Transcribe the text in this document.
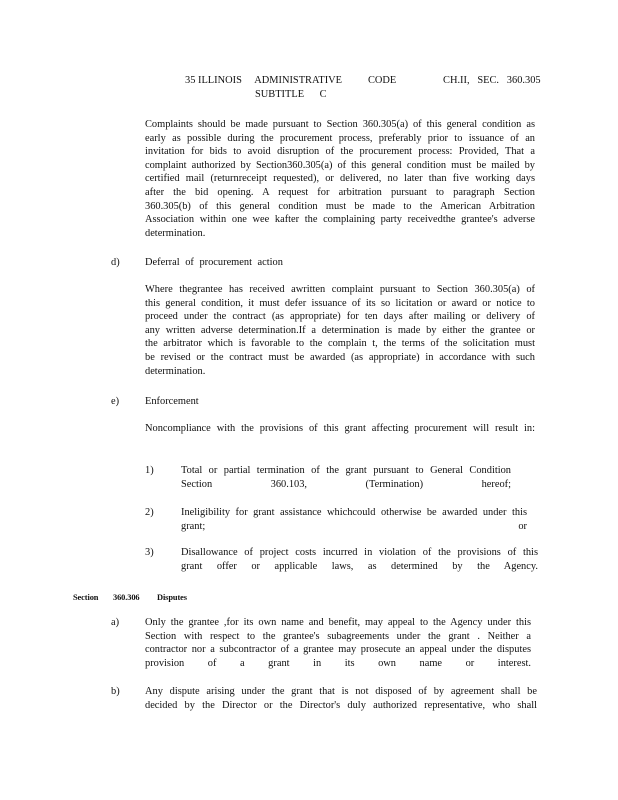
35 ILLINOIS     ADMINISTRATIVE          CODE                  CH.II,   SEC.   360.305
SUBTITLE      C
Complaints should be made pursuant to Section 360.305(a) of this general condition as early as possible during the procurement process, preferably prior to issuance of an invitation for bids to avoid disruption of the procurement process: Provided, That a complaint authorized by Section360.305(a) of this general condition must be mailed by certified mail (returnreceipt requested), or delivered, no later than five working days after the bid opening. A request for arbitration pursuant to paragraph Section 360.305(b) of this general condition must be made to the American Arbitration Association within one wee kafter the complaining party receivedthe grantee's adverse determination.
d) Deferral of procurement action
Where thegrantee has received awritten complaint pursuant to Section 360.305(a) of this general condition, it must defer issuance of its so licitation or award or notice to proceed under the contract (as appropriate) for ten days after mailing or delivery of any written adverse determination.If a determination is made by either the grantee or the arbitrator which is favorable to the complain t, the terms of the solicitation must be revised or the contract must be awarded (as appropriate) in accordance with such determination.
e) Enforcement
Noncompliance with the provisions of this grant affecting procurement will result in:
1)	Total or partial termination of the grant pursuant to General Condition Section 360.103, (Termination) hereof;
2)	Ineligibility for grant assistance whichcould otherwise be awarded under this grant; or
3)	Disallowance of project costs incurred in violation of the provisions of this grant offer or applicable laws, as determined by the Agency.
Section 360.306 Disputes
a) Only the grantee ,for its own name and benefit, may appeal to the Agency under this Section with respect to the grantee's subagreements under the grant . Neither a contractor nor a subcontractor of a grantee may prosecute an appeal under the disputes provision of a grant in its own name or interest.
b) Any dispute arising under the grant that is not disposed of by agreement shall be decided by the Director or the Director's duly authorized representative, who shall
